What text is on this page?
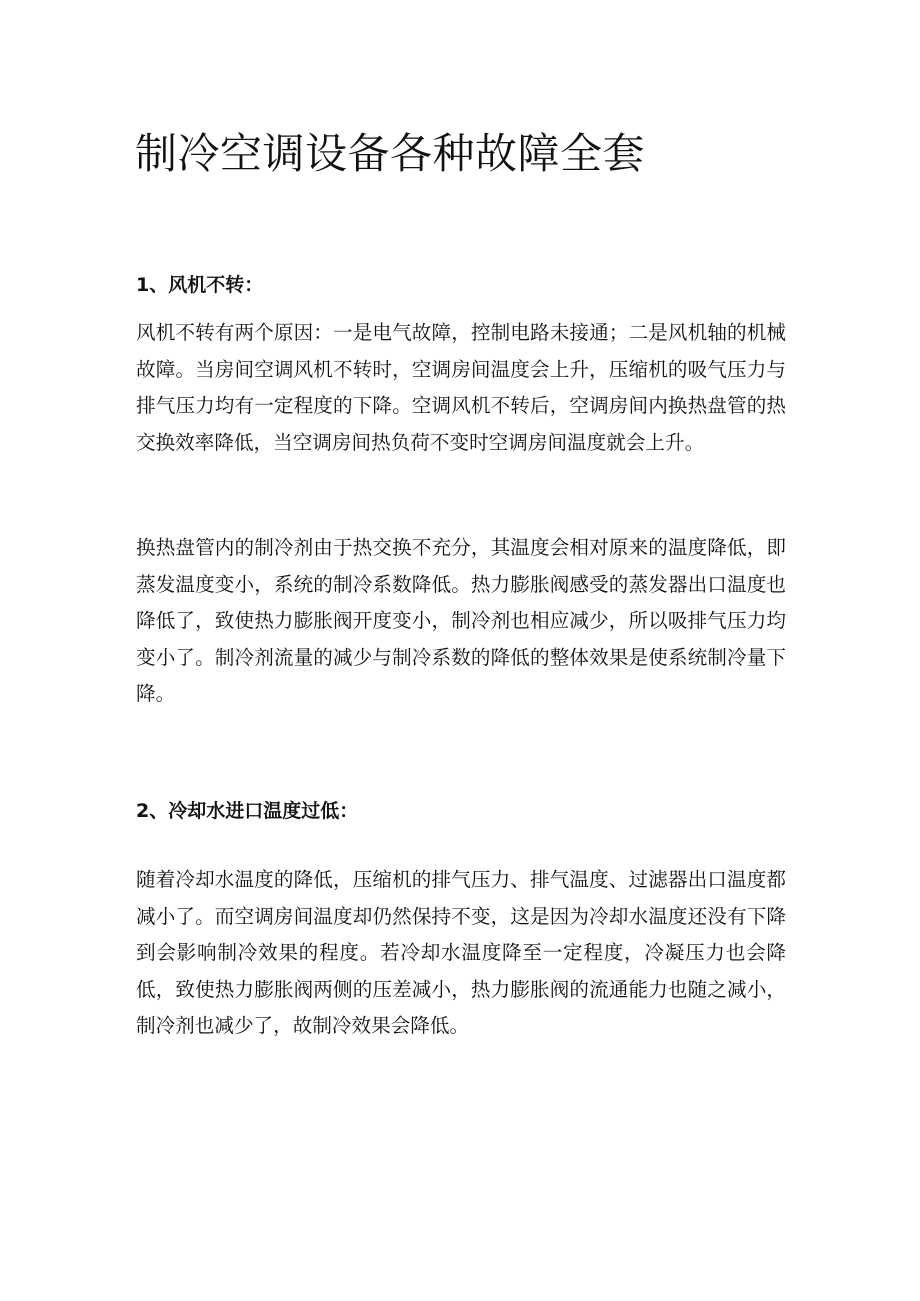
制冷空调设备各种故障全套
1、风机不转：

风机不转有两个原因：一是电气故障，控制电路未接通；二是风机轴的机械故障。当房间空调风机不转时，空调房间温度会上升，压缩机的吸气压力与排气压力均有一定程度的下降。空调风机不转后，空调房间内换热盘管的热交换效率降低，当空调房间热负荷不变时空调房间温度就会上升。

换热盘管内的制冷剂由于热交换不充分，其温度会相对原来的温度降低，即蒸发温度变小，系统的制冷系数降低。热力膨胀阀感受的蒸发器出口温度也降低了，致使热力膨胀阀开度变小，制冷剂也相应减少，所以吸排气压力均变小了。制冷剂流量的减少与制冷系数的降低的整体效果是使系统制冷量下降。

2、冷却水进口温度过低：

随着冷却水温度的降低，压缩机的排气压力、排气温度、过滤器出口温度都减小了。而空调房间温度却仍然保持不变，这是因为冷却水温度还没有下降到会影响制冷效果的程度。若冷却水温度降至一定程度，冷凝压力也会降低，致使热力膨胀阀两侧的压差减小，热力膨胀阀的流通能力也随之减小，制冷剂也减少了，故制冷效果会降低。
